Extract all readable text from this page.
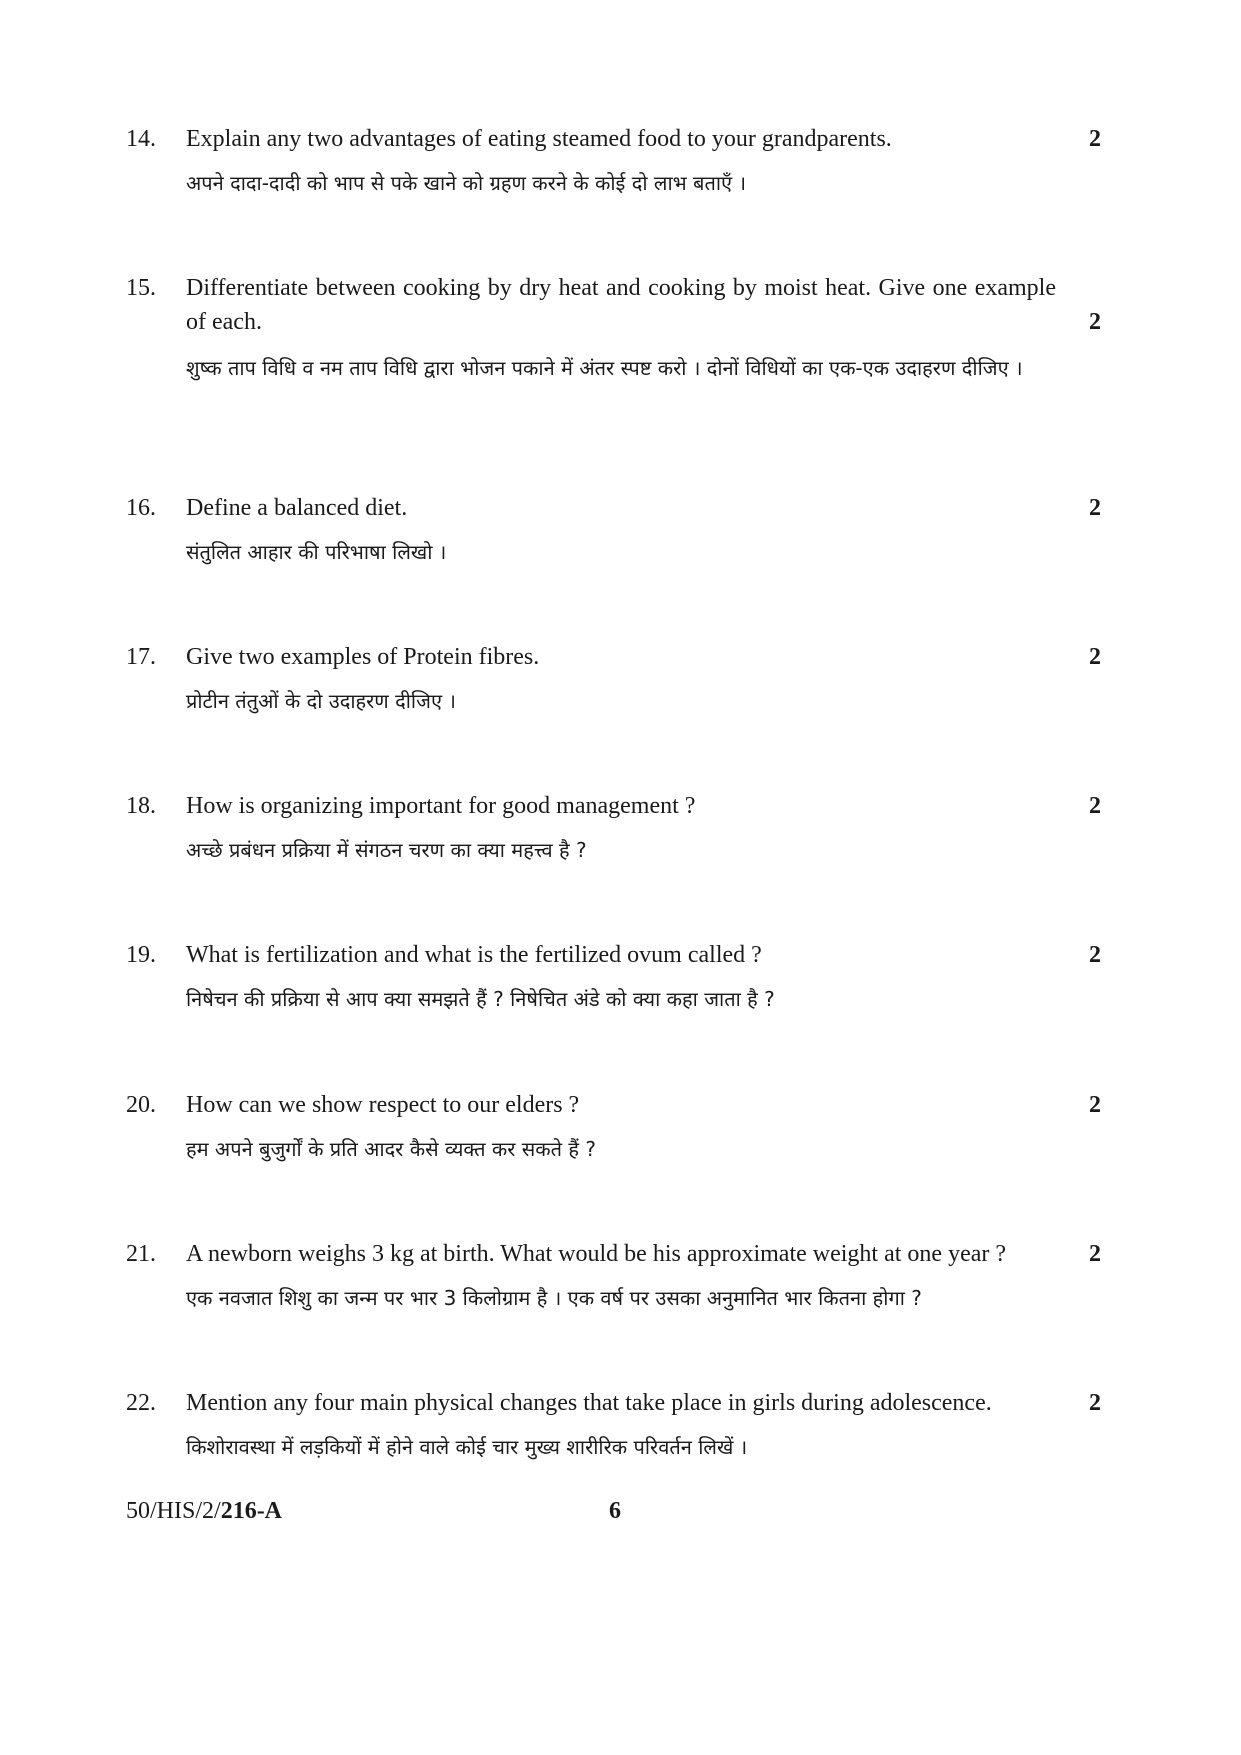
14. Explain any two advantages of eating steamed food to your grandparents.	2
अपने दादा-दादी को भाप से पके खाने को ग्रहण करने के कोई दो लाभ बताएँ ।
15. Differentiate between cooking by dry heat and cooking by moist heat. Give one example of each.	2
शुष्क ताप विधि व नम ताप विधि द्वारा भोजन पकाने में अंतर स्पष्ट करो । दोनों विधियों का एक-एक उदाहरण दीजिए ।
16. Define a balanced diet.	2
संतुलित आहार की परिभाषा लिखो ।
17. Give two examples of Protein fibres.	2
प्रोटीन तंतुओं के दो उदाहरण दीजिए ।
18. How is organizing important for good management ?	2
अच्छे प्रबंधन प्रक्रिया में संगठन चरण का क्या महत्त्व है ?
19. What is fertilization and what is the fertilized ovum called ?	2
निषेचन की प्रक्रिया से आप क्या समझते हैं ? निषेचित अंडे को क्या कहा जाता है ?
20. How can we show respect to our elders ?	2
हम अपने बुजुर्गों के प्रति आदर कैसे व्यक्त कर सकते हैं ?
21. A newborn weighs 3 kg at birth. What would be his approximate weight at one year ?	2
एक नवजात शिशु का जन्म पर भार 3 किलोग्राम है । एक वर्ष पर उसका अनुमानित भार कितना होगा ?
22. Mention any four main physical changes that take place in girls during adolescence.	2
किशोरावस्था में लड़कियों में होने वाले कोई चार मुख्य शारीरिक परिवर्तन लिखें ।
50/HIS/2/216-A	6
